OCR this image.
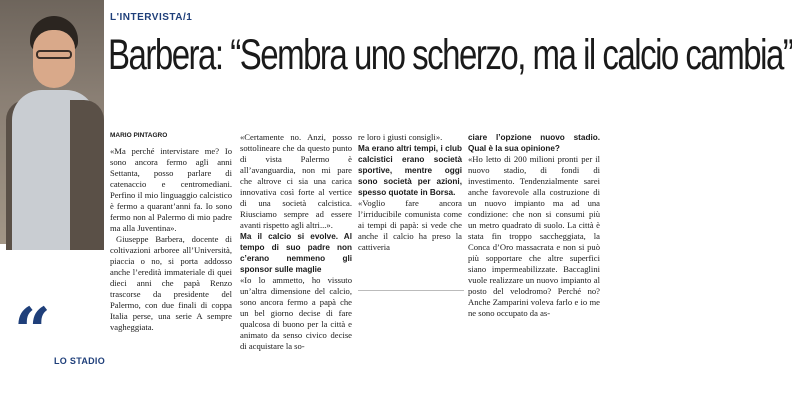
“ LO STADIO
L'INTERVISTA/1
Barbera: “Sembra uno scherzo, ma il calcio cambia”
MARIO PINTAGRO

«Ma perché intervistare me? Io sono ancora fermo agli anni Settanta, posso parlare di catenaccio e centromediani. Perfino il mio linguaggio calcistico è fermo a quarant’anni fa. Io sono fermo non al Palermo di mio padre ma alla Juventina».

Giuseppe Barbera, docente di coltivazioni arboree all’Università, piaccia o no, si porta addosso anche l’eredità immateriale di quei dieci anni che papà Renzo trascorse da presidente del Palermo, con due finali di coppa Italia perse, una serie A sempre vagheggiata.

«Certamente no. Anzi, posso sottolineare che da questo punto di vista Palermo è all’avanguardia, non mi pare che altrove ci sia una carica innovativa così forte al vertice di una società calcistica. Riusciamo sempre ad essere avanti rispetto agli altri...».

Ma il calcio si evolve. Al tempo di suo padre non c’erano nemmeno gli sponsor sulle maglie

«Io lo ammetto, ho vissuto un’altra dimensione del calcio, sono ancora fermo a papà che un bel giorno decise di fare qualcosa di buono per la città e animato da senso civico decise di acquistare la so-

re loro i giusti consigli».

Ma erano altri tempi, i club calcistici erano società sportive, mentre oggi sono società per azioni, spesso quotate in Borsa.

«Voglio fare ancora l’irriducibile comunista come ai tempi di papà: si vede che anche il calcio ha preso la cattiveria

ciare l’opzione nuovo stadio. Qual è la sua opinione?

«Ho letto di 200 milioni pronti per il nuovo stadio, di fondi di investimento. Tendenzialmente sarei anche favorevole alla costruzione di un nuovo impianto ma ad una condizione: che non si consumi più un metro quadrato di suolo. La città è stata fin troppo saccheggiata, la Conca d’Oro massacrata e non si può più sopportare che altre superfici siano impermeabilizzate. Baccaglini vuole realizzare un nuovo impianto al posto del velodromo? Perché no? Anche Zamparini voleva farlo e io me ne sono occupato da as-
